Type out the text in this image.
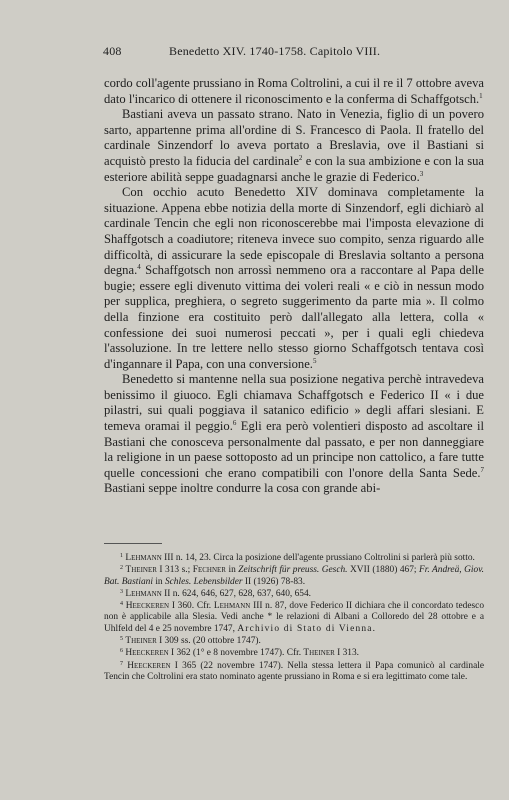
408	Benedetto XIV. 1740-1758. Capitolo VIII.

cordo coll'agente prussiano in Roma Coltrolini, a cui il re il 7 ottobre aveva dato l'incarico di ottenere il riconoscimento e la conferma di Schaffgotsch.$^1$

Bastiani aveva un passato strano. Nato in Venezia, figlio di un povero sarto, appartenne prima all'ordine di S. Francesco di Paola. Il fratello del cardinale Sinzendorf lo aveva portato a Breslavia, ove il Bastiani si acquistò presto la fiducia del cardinale$^2$ e con la sua ambizione e con la sua esteriore abilità seppe guadagnarsi anche le grazie di Federico.$^3$

Con occhio acuto Benedetto XIV dominava completamente la situazione. Appena ebbe notizia della morte di Sinzendorf, egli dichiarò al cardinale Tencin che egli non riconoscerebbe mai l'imposta elevazione di Shaffgotsch a coadiutore; riteneva invece suo compito, senza riguardo alle difficoltà, di assicurare la sede episcopale di Breslavia soltanto a persona degna.$^4$ Schaffgotsch non arrossì nemmeno ora a raccontare al Papa delle bugie; essere egli divenuto vittima dei voleri reali « e ciò in nessun modo per supplica, preghiera, o segreto suggerimento da parte mia ». Il colmo della finzione era costituito però dall'allegato alla lettera, colla « confessione dei suoi numerosi peccati », per i quali egli chiedeva l'assoluzione. In tre lettere nello stesso giorno Schaffgotsch tentava così d'ingannare il Papa, con una conversione.$^5$

Benedetto si mantenne nella sua posizione negativa perchè intravedeva benissimo il giuoco. Egli chiamava Schaffgotsch e Federico II « i due pilastri, sui quali poggiava il satanico edificio » degli affari slesiani. E temeva oramai il peggio.$^6$ Egli era però volentieri disposto ad ascoltare il Bastiani che conosceva personalmente dal passato, e per non danneggiare la religione in un paese sottoposto ad un principe non cattolico, a fare tutte quelle concessioni che erano compatibili con l'onore della Santa Sede.$^7$ Bastiani seppe inoltre condurre la cosa con grande abi-

$^1$ Lehmann III n. 14, 23. Circa la posizione dell'agente prussiano Coltrolini si parlerà più sotto.

$^2$ Theiner I 313 s.; Fechner in Zeitschrift für preuss. Gesch. XVII (1880) 467; Fr. Andreä, Giov. Bat. Bastiani in Schles. Lebensbilder II (1926) 78-83.

$^3$ Lehmann II n. 624, 646, 627, 628, 637, 640, 654.

$^4$ Heeckeren I 360. Cfr. Lehmann III n. 87, dove Federico II dichiara che il concordato tedesco non è applicabile alla Slesia. Vedi anche * le relazioni di Albani a Colloredo del 28 ottobre e a Uhlfeld del 4 e 25 novembre 1747, Archivio di Stato di Vienna.

$^5$ Theiner I 309 ss. (20 ottobre 1747).

$^6$ Heeckeren I 362 (1° e 8 novembre 1747). Cfr. Theiner I 313.

$^7$ Heeckeren I 365 (22 novembre 1747). Nella stessa lettera il Papa comunicò al cardinale Tencin che Coltrolini era stato nominato agente prussiano in Roma e si era legittimato come tale.
